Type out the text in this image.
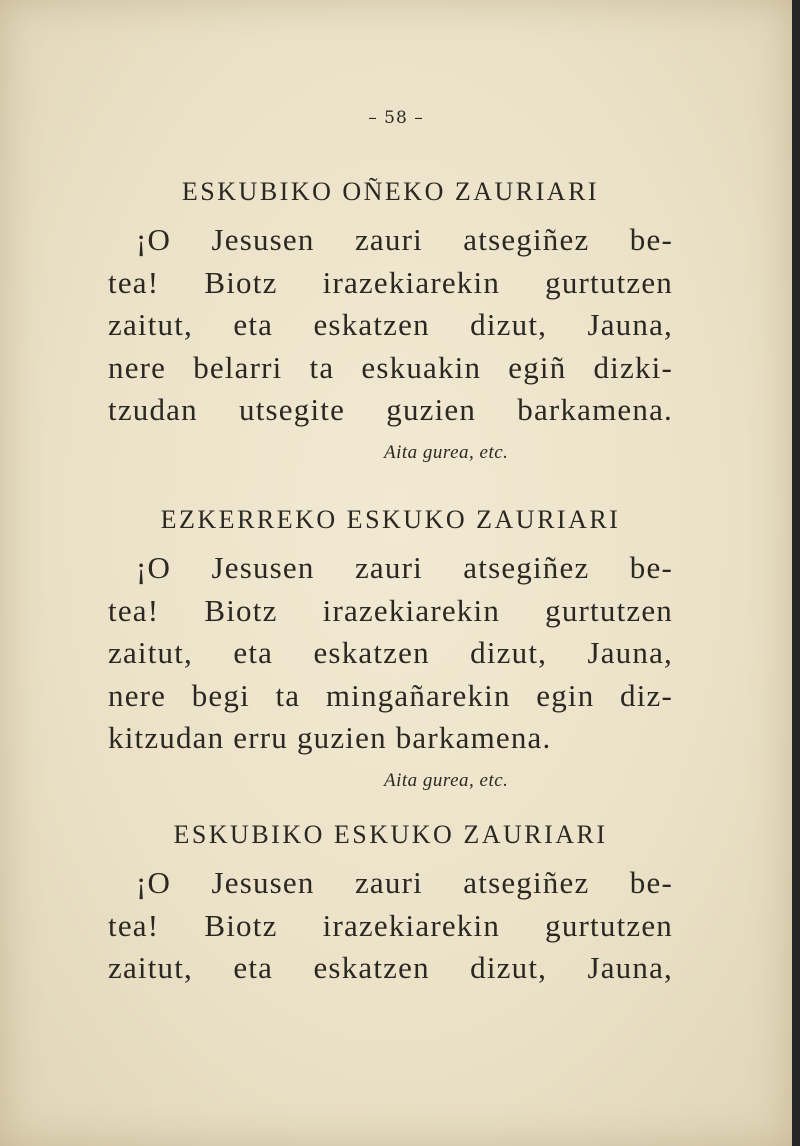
– 58 –
ESKUBIKO OÑEKO ZAURIARI
¡O Jesusen zauri atsegiñez be-
tea! Biotz irazekiarekin gurtutzen
zaitut, eta eskatzen dizut, Jauna,
nere belarri ta eskuakin egiñ dizki-
tzudan utsegite guzien barkamena.
Aita gurea, etc.
EZKERREKO ESKUKO ZAURIARI
¡O Jesusen zauri atsegiñez be-
tea! Biotz irazekiarekin gurtutzen
zaitut, eta eskatzen dizut, Jauna,
nere begi ta mingañarekin egin diz-
kitzudan erru guzien barkamena.
Aita gurea, etc.
ESKUBIKO ESKUKO ZAURIARI
¡O Jesusen zauri atsegiñez be-
tea! Biotz irazekiarekin gurtutzen
zaitut, eta eskatzen dizut, Jauna,
